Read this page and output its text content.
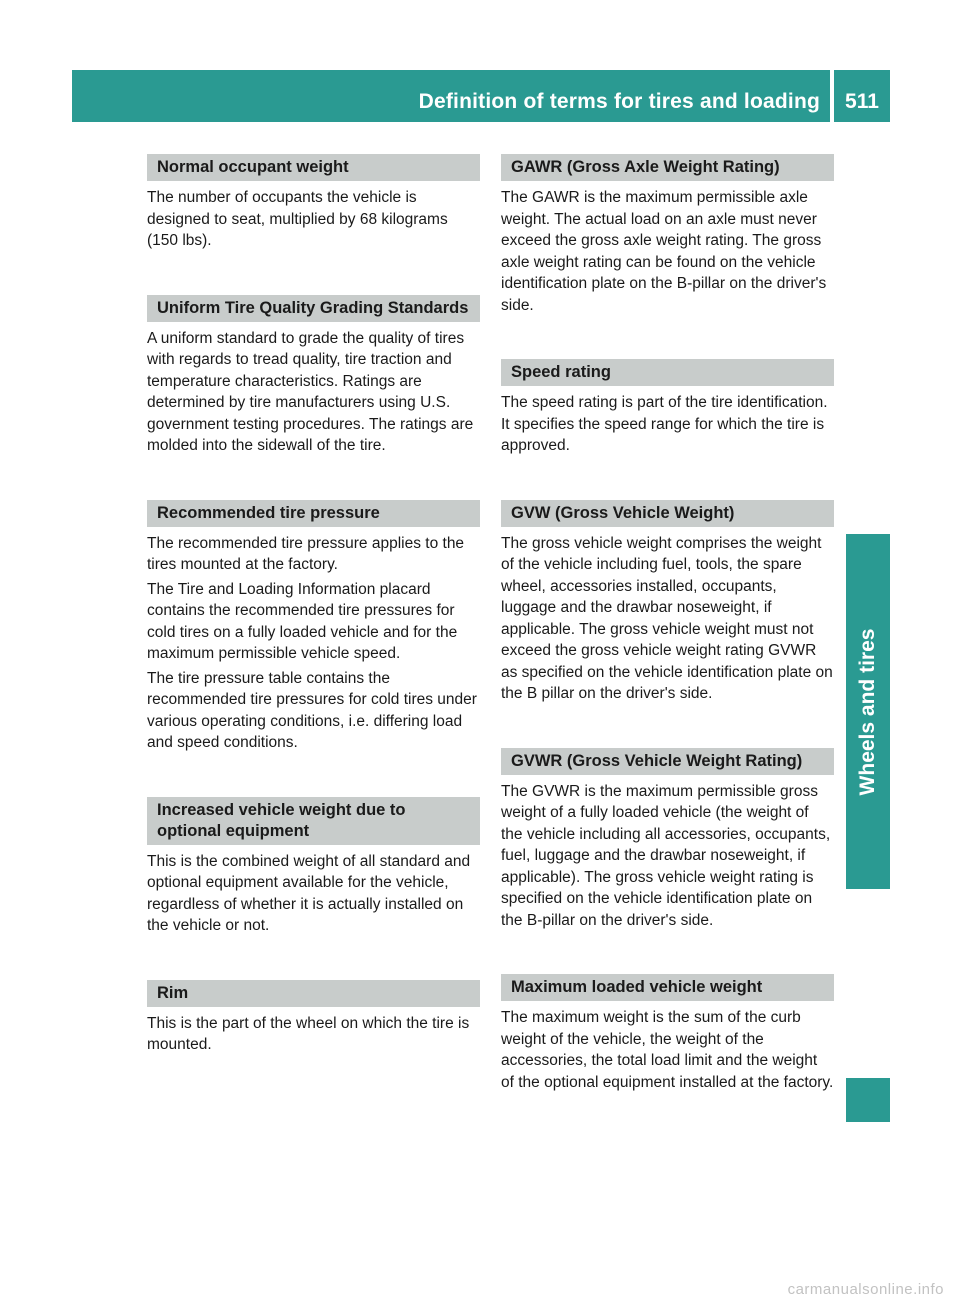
Definition of terms for tires and loading	511
Wheels and tires
Normal occupant weight

The number of occupants the vehicle is designed to seat, multiplied by 68 kilograms (150 lbs).

Uniform Tire Quality Grading Standards

A uniform standard to grade the quality of tires with regards to tread quality, tire traction and temperature characteristics. Ratings are determined by tire manufacturers using U.S. government testing procedures. The ratings are molded into the sidewall of the tire.

Recommended tire pressure

The recommended tire pressure applies to the tires mounted at the factory.

The Tire and Loading Information placard contains the recommended tire pressures for cold tires on a fully loaded vehicle and for the maximum permissible vehicle speed.

The tire pressure table contains the recommended tire pressures for cold tires under various operating conditions, i.e. differing load and speed conditions.

Increased vehicle weight due to optional equipment

This is the combined weight of all standard and optional equipment available for the vehicle, regardless of whether it is actually installed on the vehicle or not.

Rim

This is the part of the wheel on which the tire is mounted.

GAWR (Gross Axle Weight Rating)

The GAWR is the maximum permissible axle weight. The actual load on an axle must never exceed the gross axle weight rating. The gross axle weight rating can be found on the vehicle identification plate on the B-pillar on the driver's side.

Speed rating

The speed rating is part of the tire identification. It specifies the speed range for which the tire is approved.

GVW (Gross Vehicle Weight)

The gross vehicle weight comprises the weight of the vehicle including fuel, tools, the spare wheel, accessories installed, occupants, luggage and the drawbar noseweight, if applicable. The gross vehicle weight must not exceed the gross vehicle weight rating GVWR as specified on the vehicle identification plate on the B pillar on the driver's side.

GVWR (Gross Vehicle Weight Rating)

The GVWR is the maximum permissible gross weight of a fully loaded vehicle (the weight of the vehicle including all accessories, occupants, fuel, luggage and the drawbar noseweight, if applicable). The gross vehicle weight rating is specified on the vehicle identification plate on the B-pillar on the driver's side.

Maximum loaded vehicle weight

The maximum weight is the sum of the curb weight of the vehicle, the weight of the accessories, the total load limit and the weight of the optional equipment installed at the factory.

carmanualsonline.info
